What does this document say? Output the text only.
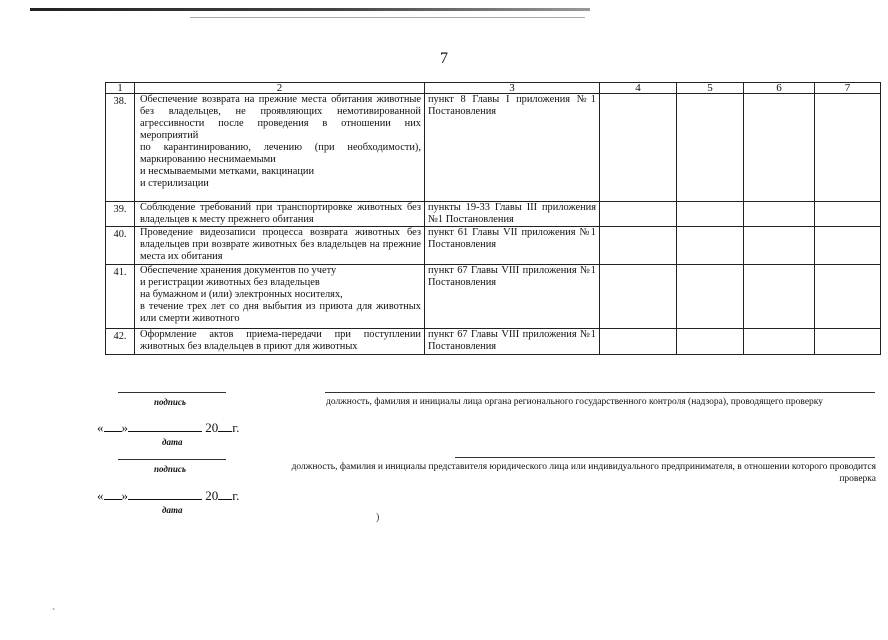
7
1	2	3	4	5	6	7
38.	Обеспечение возврата на прежние места обитания животные без владельцев, не проявляющих немотивированной агрессивности после проведения в отношении них мероприятий
по карантинированию, лечению (при необходимости), маркированию неснимаемыми
и несмываемыми метками, вакцинации
и стерилизации	пункт 8 Главы I приложения №1 Постановления				
39.	Соблюдение требований при транспортировке животных без владельцев к месту прежнего обитания	пункты 19-33 Главы III приложения №1 Постановления				
40.	Проведение видеозаписи процесса возврата животных без владельцев при возврате животных без владельцев на прежние места их обитания	пункт 61 Главы VII приложения №1 Постановления				
41.	Обеспечение хранения документов по учету
и регистрации животных без владельцев
на бумажном и (или) электронных носителях,
в течение трех лет со дня выбытия из приюта для животных или смерти животного	пункт 67 Главы VIII приложения №1 Постановления				
42.	Оформление актов приема-передачи при поступлении животных без владельцев в приют для животных	пункт 67 Главы VIII приложения №1 Постановления				
подпись	должность, фамилия и инициалы лица органа регионального государственного контроля (надзора), проводящего проверку
« »	20 г.
дата
подпись	должность, фамилия и инициалы представителя юридического лица или индивидуального предпринимателя, в отношении которого проводится проверка
« »	20 г.
дата
)
`
